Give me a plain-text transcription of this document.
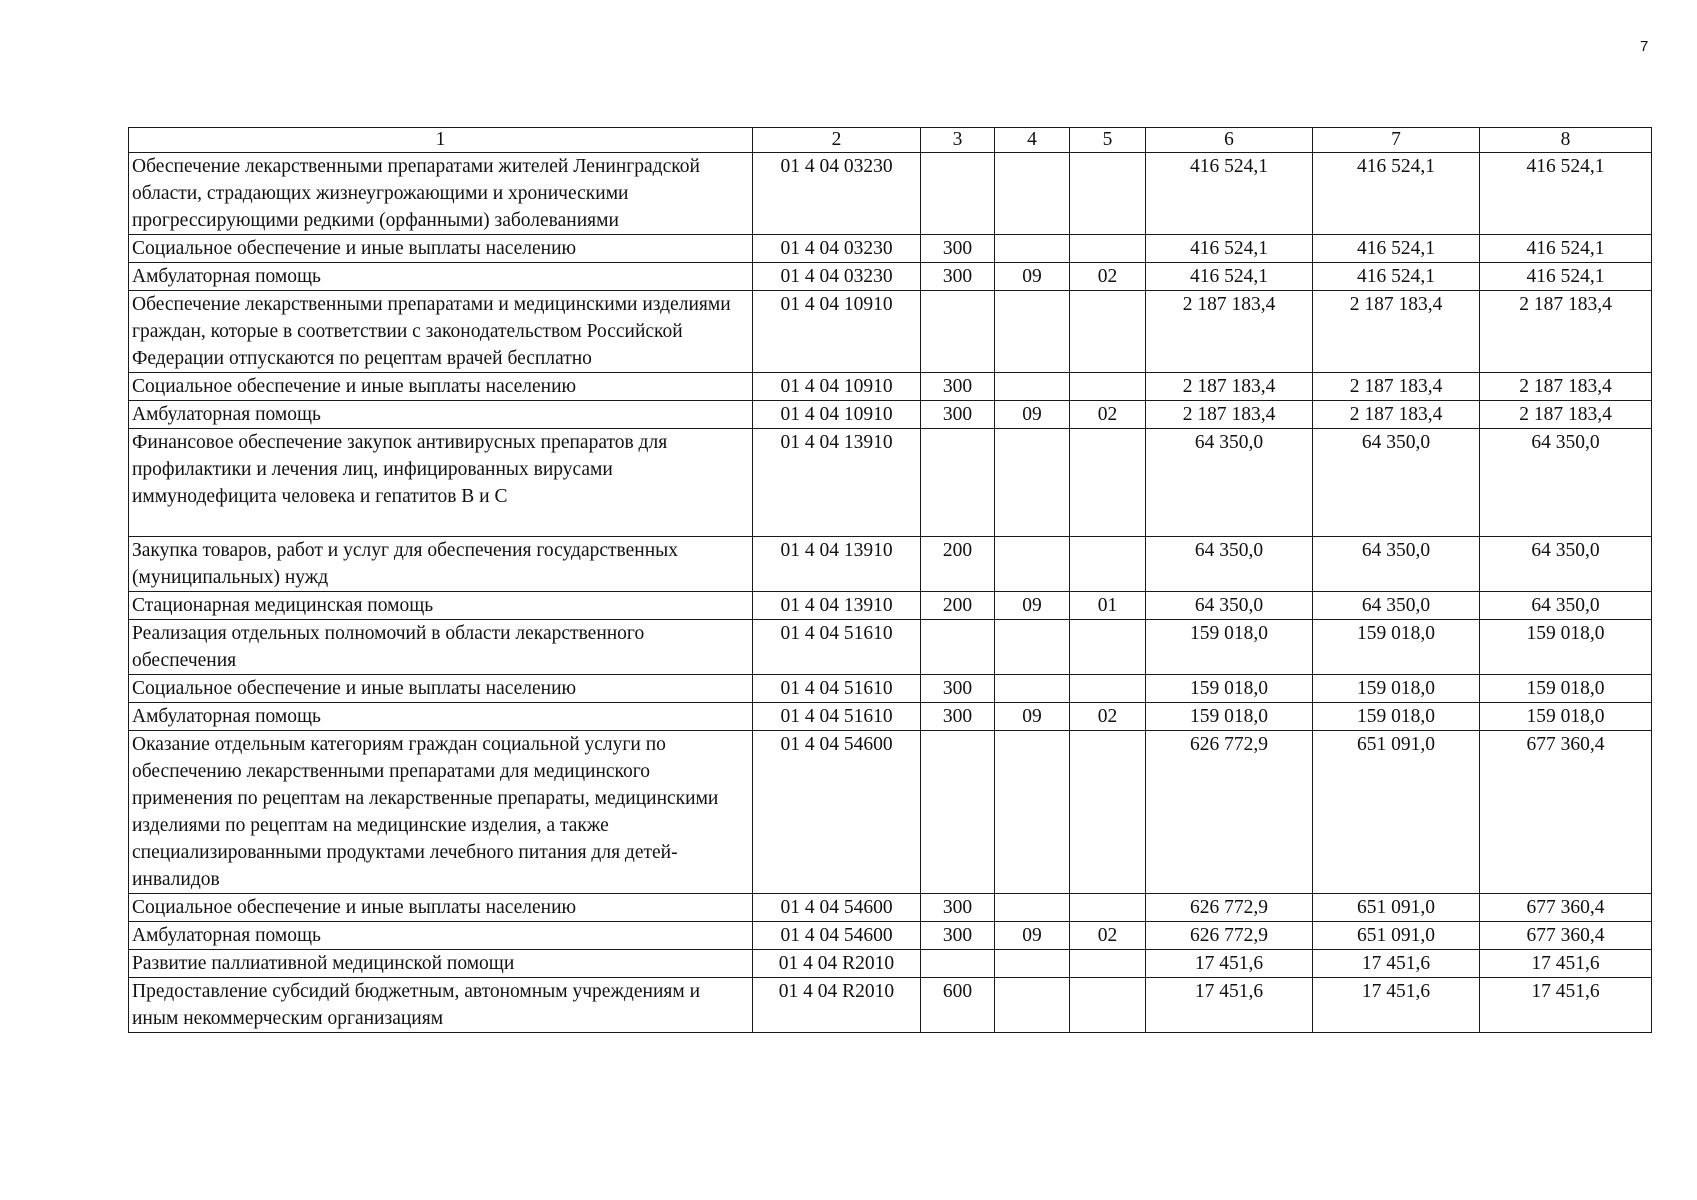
7
1	2	3	4	5	6	7	8
Обеспечение лекарственными препаратами жителей Ленинградской области, страдающих жизнеугрожающими и хроническими прогрессирующими редкими (орфанными) заболеваниями	01 4 04 03230				416 524,1	416 524,1	416 524,1
Социальное обеспечение и иные выплаты населению	01 4 04 03230	300			416 524,1	416 524,1	416 524,1
Амбулаторная помощь	01 4 04 03230	300	09	02	416 524,1	416 524,1	416 524,1
Обеспечение лекарственными препаратами и медицинскими изделиями граждан, которые в соответствии с законодательством Российской Федерации отпускаются по рецептам врачей бесплатно	01 4 04 10910				2 187 183,4	2 187 183,4	2 187 183,4
Социальное обеспечение и иные выплаты населению	01 4 04 10910	300			2 187 183,4	2 187 183,4	2 187 183,4
Амбулаторная помощь	01 4 04 10910	300	09	02	2 187 183,4	2 187 183,4	2 187 183,4
Финансовое обеспечение закупок антивирусных препаратов для профилактики и лечения лиц, инфицированных вирусами иммунодефицита человека и гепатитов В и С	01 4 04 13910				64 350,0	64 350,0	64 350,0
Закупка товаров, работ и услуг для обеспечения государственных (муниципальных) нужд	01 4 04 13910	200			64 350,0	64 350,0	64 350,0
Стационарная медицинская помощь	01 4 04 13910	200	09	01	64 350,0	64 350,0	64 350,0
Реализация отдельных полномочий в области лекарственного обеспечения	01 4 04 51610				159 018,0	159 018,0	159 018,0
Социальное обеспечение и иные выплаты населению	01 4 04 51610	300			159 018,0	159 018,0	159 018,0
Амбулаторная помощь	01 4 04 51610	300	09	02	159 018,0	159 018,0	159 018,0
Оказание отдельным категориям граждан социальной услуги по обеспечению лекарственными препаратами для медицинского применения по рецептам на лекарственные препараты, медицинскими изделиями по рецептам на медицинские изделия, а также специализированными продуктами лечебного питания для детей-инвалидов	01 4 04 54600				626 772,9	651 091,0	677 360,4
Социальное обеспечение и иные выплаты населению	01 4 04 54600	300			626 772,9	651 091,0	677 360,4
Амбулаторная помощь	01 4 04 54600	300	09	02	626 772,9	651 091,0	677 360,4
Развитие паллиативной медицинской помощи	01 4 04 R2010				17 451,6	17 451,6	17 451,6
Предоставление субсидий бюджетным, автономным учреждениям и иным некоммерческим организациям	01 4 04 R2010	600			17 451,6	17 451,6	17 451,6
